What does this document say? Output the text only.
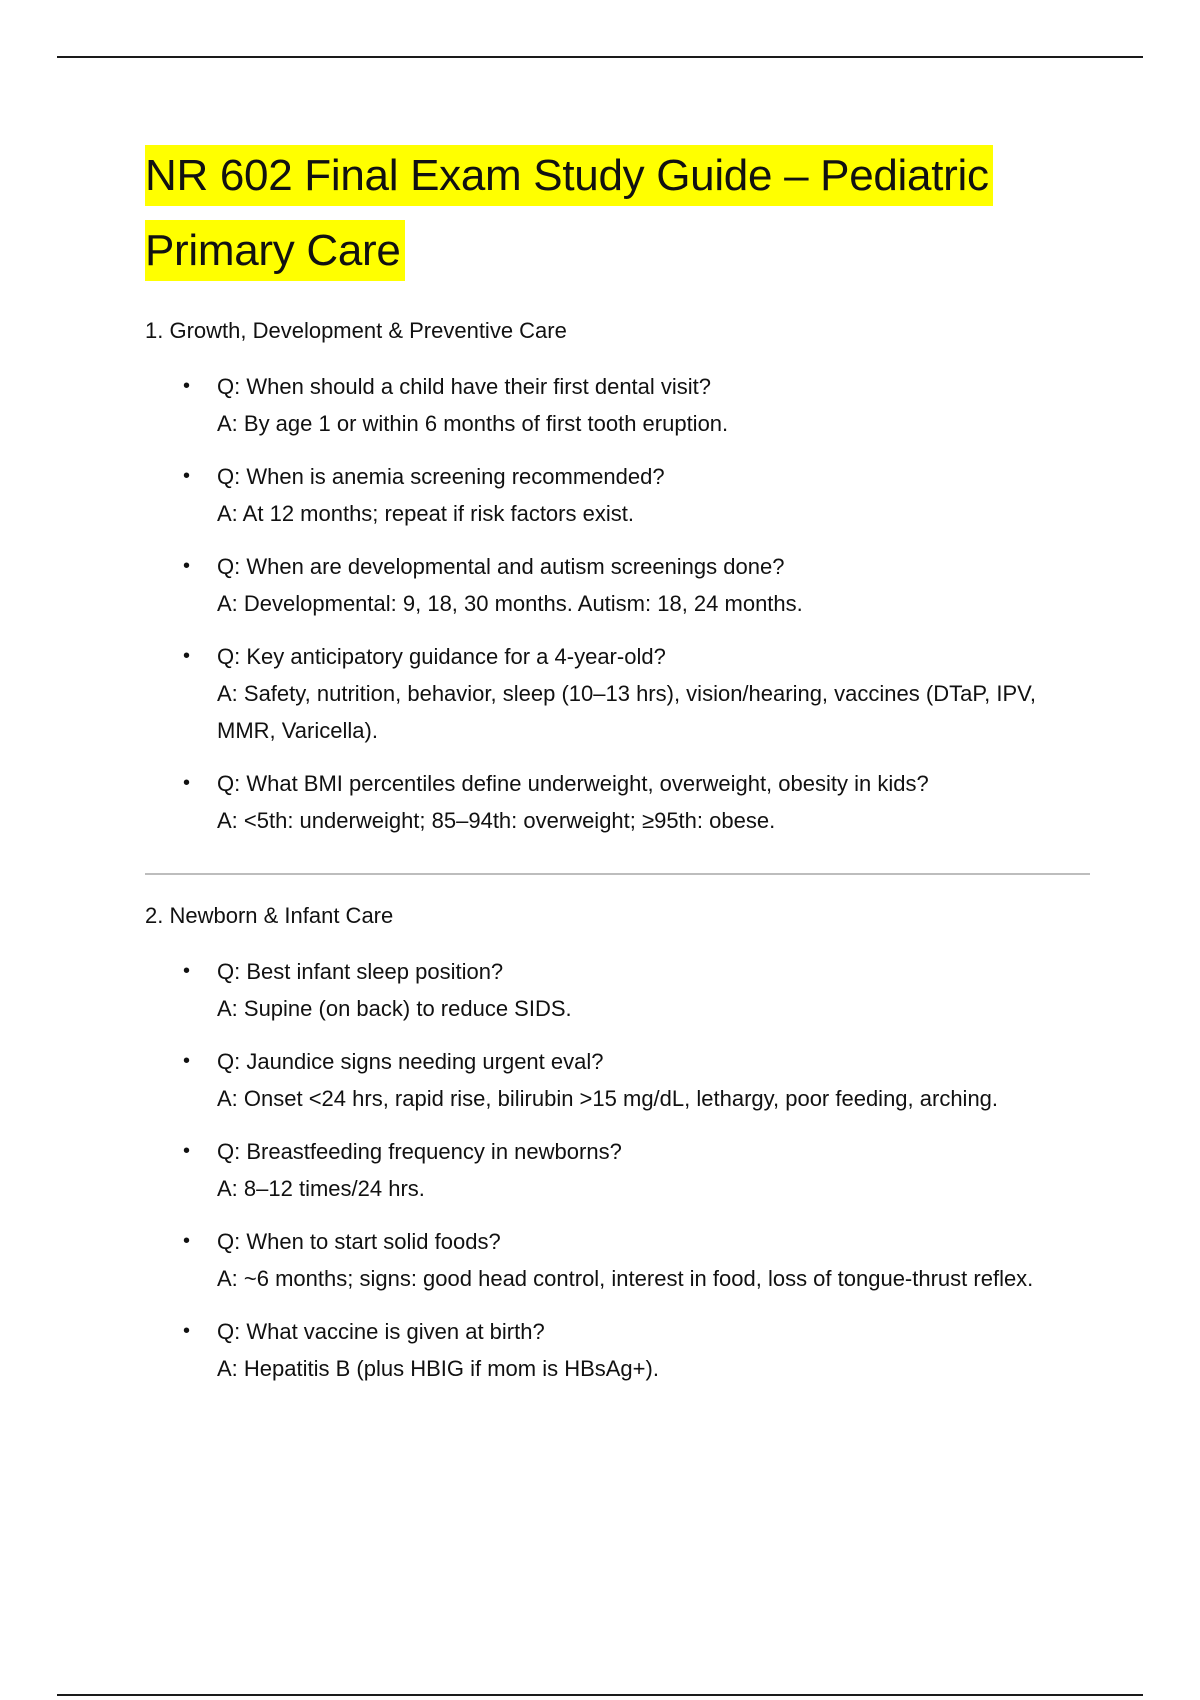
NR 602 Final Exam Study Guide – Pediatric
Primary Care

1. Growth, Development & Preventive Care

• Q: When should a child have their first dental visit?
A: By age 1 or within 6 months of first tooth eruption.
• Q: When is anemia screening recommended?
A: At 12 months; repeat if risk factors exist.
• Q: When are developmental and autism screenings done?
A: Developmental: 9, 18, 30 months. Autism: 18, 24 months.
• Q: Key anticipatory guidance for a 4-year-old?
A: Safety, nutrition, behavior, sleep (10–13 hrs), vision/hearing, vaccines (DTaP, IPV, MMR, Varicella).
• Q: What BMI percentiles define underweight, overweight, obesity in kids?
A: <5th: underweight; 85–94th: overweight; ≥95th: obese.

2. Newborn & Infant Care

• Q: Best infant sleep position?
A: Supine (on back) to reduce SIDS.
• Q: Jaundice signs needing urgent eval?
A: Onset <24 hrs, rapid rise, bilirubin >15 mg/dL, lethargy, poor feeding, arching.
• Q: Breastfeeding frequency in newborns?
A: 8–12 times/24 hrs.
• Q: When to start solid foods?
A: ~6 months; signs: good head control, interest in food, loss of tongue-thrust reflex.
• Q: What vaccine is given at birth?
A: Hepatitis B (plus HBIG if mom is HBsAg+).
